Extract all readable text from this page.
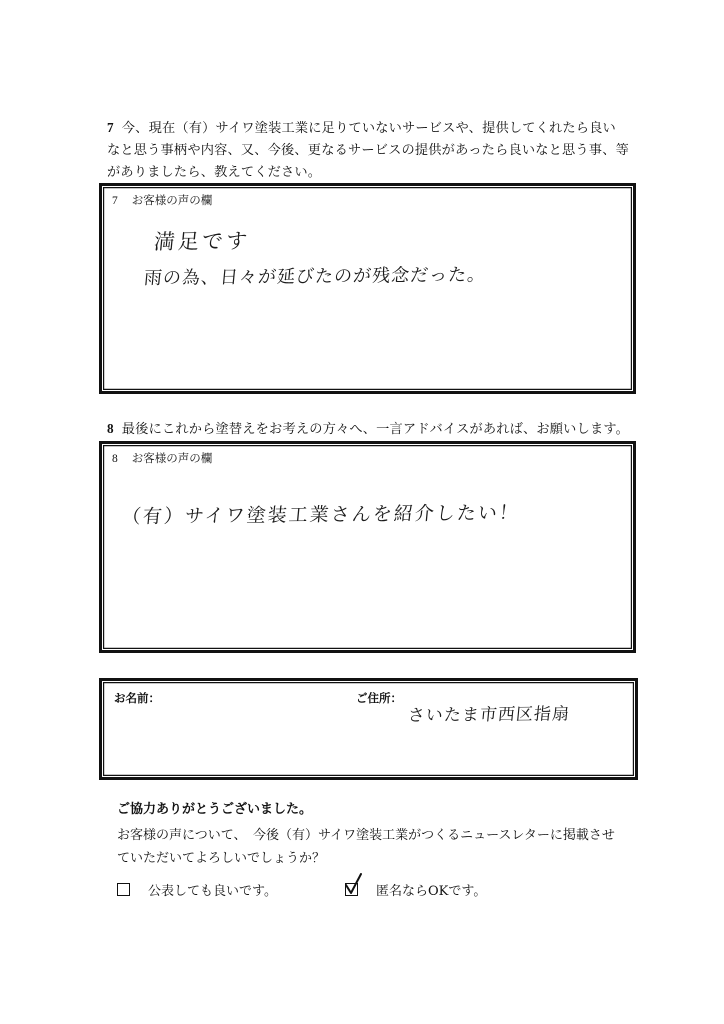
7 今、現在（有）サイワ塗装工業に足りていないサービスや、提供してくれたら良い
なと思う事柄や内容、又、今後、更なるサービスの提供があったら良いなと思う事、等
がありましたら、教えてください。
7 お客様の声の欄
満足です
雨の為、日々が延びたのが残念だった。
8 最後にこれから塗替えをお考えの方々へ、一言アドバイスがあれば、お願いします。
8 お客様の声の欄
（有）サイワ塗装工業さんを紹介したい！
お名前：	ご住所：
さいたま市西区指扇
ご協力ありがとうございました。
お客様の声について、　今後（有）サイワ塗装工業がつくるニュースレターに掲載させ
ていただいてよろしいでしょうか？
公表しても良いです。	匿名ならOKです。
